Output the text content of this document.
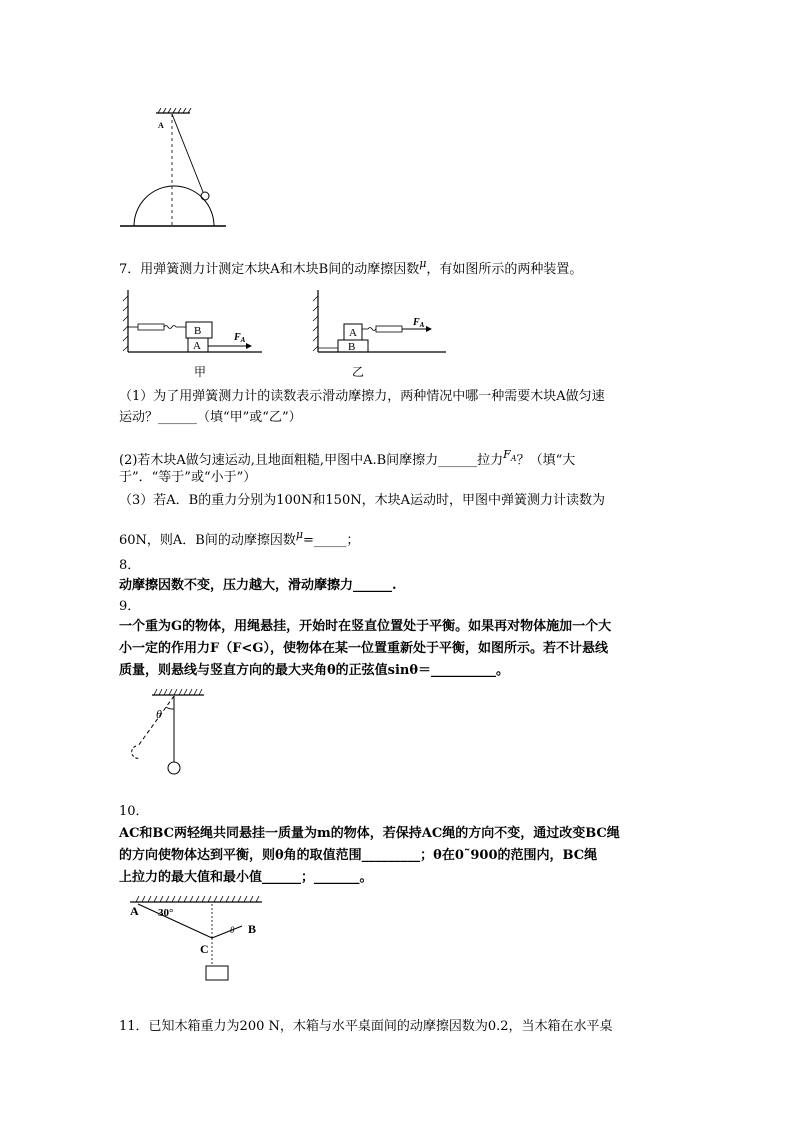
A
7．用弹簧测力计测定木块A和木块B间的动摩擦因数$^\mu$，有如图所示的两种装置。
B
A
$F_A$
甲
B
A
$F_A$
乙
（1）为了用弹簧测力计的读数表示滑动摩擦力，两种情况中哪一种需要木块A做匀速
运动？______（填“甲”或“乙”）
(2)若木块A做匀速运动,且地面粗糙,甲图中A.B间摩擦力______拉力$^{F_A}$？（填“大
于”．“等于”或“小于”）
（3）若A．B的重力分别为100N和150N，木块A运动时，甲图中弹簧测力计读数为
60N，则A．B间的动摩擦因数$^\mu$=_____；
8．
动摩擦因数不变，压力越大，滑动摩擦力______.
9．
一个重为G的物体，用绳悬挂，开始时在竖直位置处于平衡。如果再对物体施加一个大
小一定的作用力F（F<G），使物体在某一位置重新处于平衡，如图所示。若不计悬线
质量，则悬线与竖直方向的最大夹角θ的正弦值sinθ＝__________。
θ
10．
AC和BC两轻绳共同悬挂一质量为m的物体，若保持AC绳的方向不变，通过改变BC绳
的方向使物体达到平衡，则θ角的取值范围_________；θ在0˜900的范围内，BC绳
上拉力的最大值和最小值______；_______。
A 30°
θ B
C
11．已知木箱重力为200 N，木箱与水平桌面间的动摩擦因数为0.2，当木箱在水平桌
